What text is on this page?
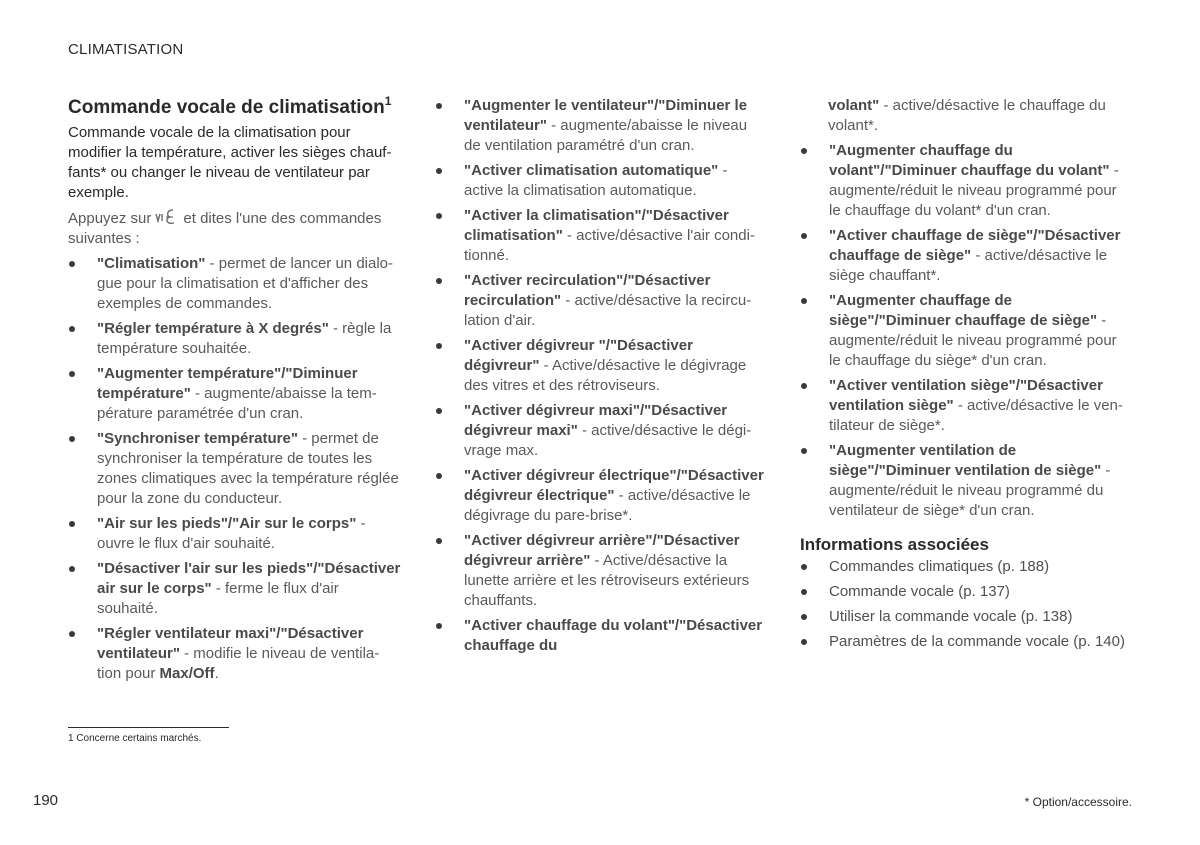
CLIMATISATION
Commande vocale de climatisation$^1$
Commande vocale de la climatisation pour modifier la température, activer les sièges chauf-fants* ou changer le niveau de ventilateur par exemple.
Appuyez sur et dites l'une des commandes suivantes :
"Climatisation" - permet de lancer un dialo-gue pour la climatisation et d'afficher des exemples de commandes.
"Régler température à X degrés" - règle la température souhaitée.
"Augmenter température"/"Diminuer température" - augmente/abaisse la tem-pérature paramétrée d'un cran.
"Synchroniser température" - permet de synchroniser la température de toutes les zones climatiques avec la température réglée pour la zone du conducteur.
"Air sur les pieds"/"Air sur le corps" - ouvre le flux d'air souhaité.
"Désactiver l'air sur les pieds"/"Désactiver air sur le corps" - ferme le flux d'air souhaité.
"Régler ventilateur maxi"/"Désactiver ventilateur" - modifie le niveau de ventila-tion pour Max/Off.
"Augmenter le ventilateur"/"Diminuer le ventilateur" - augmente/abaisse le niveau de ventilation paramétré d'un cran.
"Activer climatisation automatique" - active la climatisation automatique.
"Activer la climatisation"/"Désactiver climatisation" - active/désactive l'air condi-tionné.
"Activer recirculation"/"Désactiver recirculation" - active/désactive la recircu-lation d'air.
"Activer dégivreur "/"Désactiver dégivreur" - Active/désactive le dégivrage des vitres et des rétroviseurs.
"Activer dégivreur maxi"/"Désactiver dégivreur maxi" - active/désactive le dégi-vrage max.
"Activer dégivreur électrique"/"Désactiver dégivreur électrique" - active/désactive le dégivrage du pare-brise*.
"Activer dégivreur arrière"/"Désactiver dégivreur arrière" - Active/désactive la lunette arrière et les rétroviseurs extérieurs chauffants.
"Activer chauffage du volant"/"Désactiver chauffage du
volant" - active/désactive le chauffage du volant*.
"Augmenter chauffage du volant"/"Diminuer chauffage du volant" - augmente/réduit le niveau programmé pour le chauffage du volant* d'un cran.
"Activer chauffage de siège"/"Désactiver chauffage de siège" - active/désactive le siège chauffant*.
"Augmenter chauffage de siège"/"Diminuer chauffage de siège" - augmente/réduit le niveau programmé pour le chauffage du siège* d'un cran.
"Activer ventilation siège"/"Désactiver ventilation siège" - active/désactive le ven-tilateur de siège*.
"Augmenter ventilation de siège"/"Diminuer ventilation de siège" - augmente/réduit le niveau programmé du ventilateur de siège* d'un cran.
Informations associées
Commandes climatiques (p. 188)
Commande vocale (p. 137)
Utiliser la commande vocale (p. 138)
Paramètres de la commande vocale (p. 140)
1 Concerne certains marchés.
190	* Option/accessoire.
